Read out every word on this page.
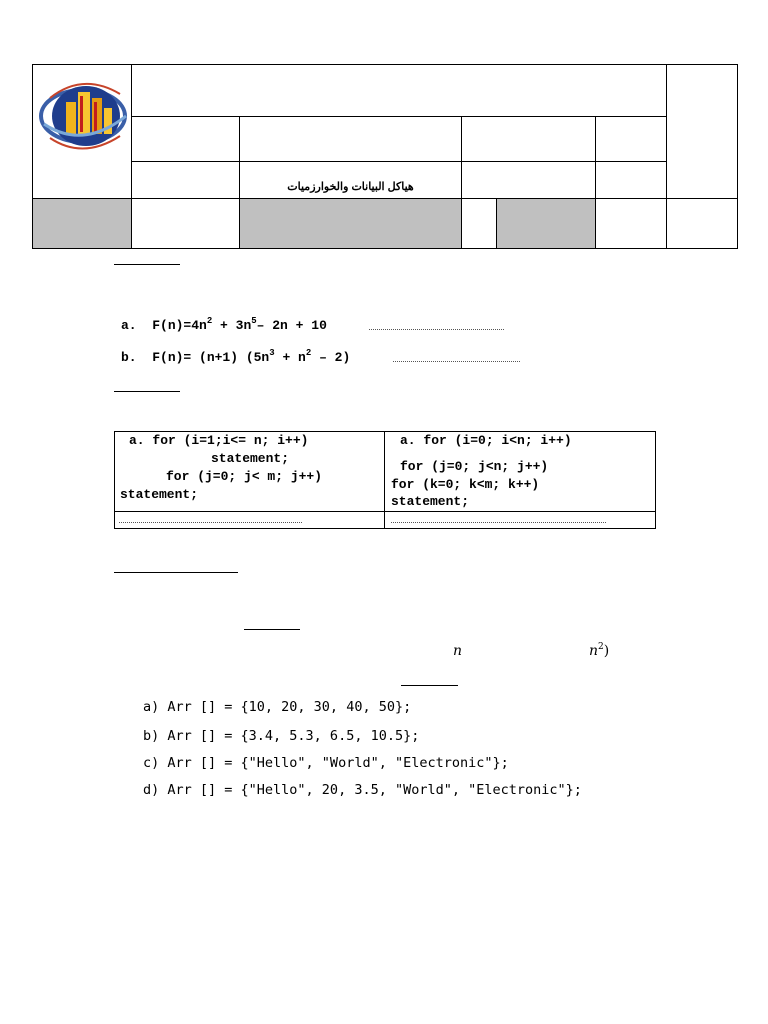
هياكل البيانات والخوارزميات
a. $F(n)=4n^2 + 3n^5-$ 2n + 10
b. F(n)= (n+1) $(5n^3 + n^2 - 2)$
a. for (i=1;i<= n; i++)
statement;
for (j=0; j< m; j++)
statement;
a. for (i=0; i<n; i++)
for (j=0; j<n; j++)
for (k=0; k<m; k++)
statement;
n	$n^2$)
a) Arr [] = {10, 20, 30, 40, 50};
b) Arr [] = {3.4, 5.3, 6.5, 10.5};
c) Arr [] = {"Hello", "World", "Electronic"};
d) Arr [] = {"Hello", 20, 3.5, "World", "Electronic"};
